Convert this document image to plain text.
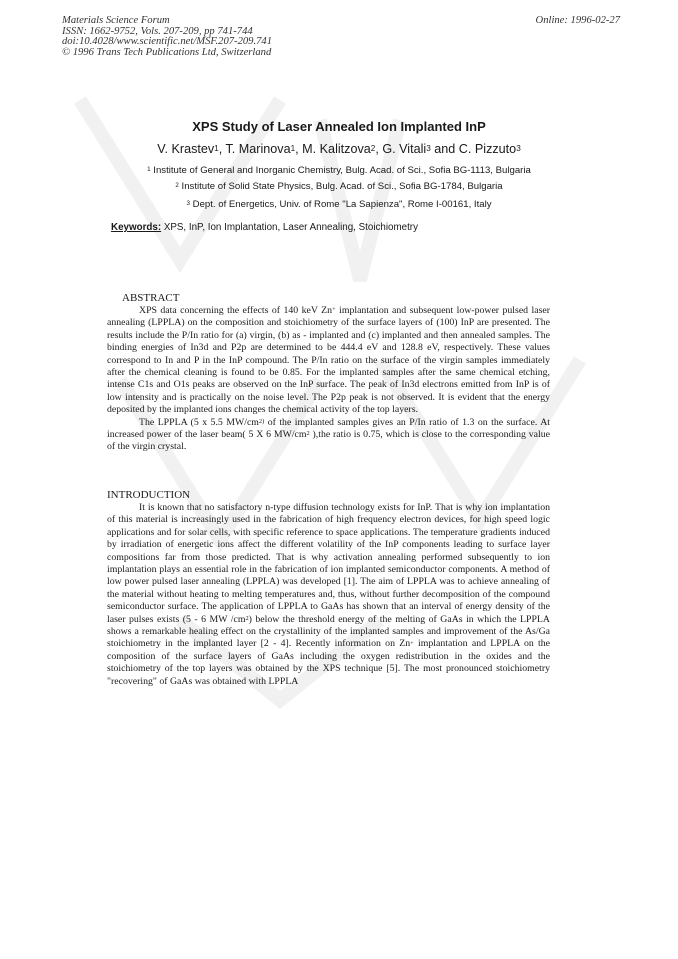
Materials Science Forum
ISSN: 1662-9752, Vols. 207-209, pp 741-744
doi:10.4028/www.scientific.net/MSF.207-209.741
© 1996 Trans Tech Publications Ltd, Switzerland
Online: 1996-02-27
XPS Study of Laser Annealed Ion Implanted InP
V. Krastev$^1$, T. Marinova$^1$, M. Kalitzova$^2$, G. Vitali$^3$ and C. Pizzuto$^3$
$^1$ Institute of General and Inorganic Chemistry, Bulg. Acad. of Sci., Sofia BG-1113, Bulgaria
$^2$ Institute of Solid State Physics, Bulg. Acad. of Sci., Sofia BG-1784, Bulgaria
$^3$ Dept. of Energetics, Univ. of Rome "La Sapienza", Rome I-00161, Italy
Keywords: XPS, InP, Ion Implantation, Laser Annealing, Stoichiometry
ABSTRACT

XPS data concerning the effects of 140 keV Zn+ implantation and subsequent low-power pulsed laser annealing (LPPLA) on the composition and stoichiometry of the surface layers of (100) InP are presented. The results include the P/In ratio for (a) virgin, (b) as - implanted and (c) implanted and then annealed samples. The binding energies of In3d and P2p are determined to be 444.4 eV and 128.8 eV, respectively. These values correspond to In and P in the InP compound. The P/In ratio on the surface of the virgin samples immediately after the chemical cleaning is found to be 0.85. For the implanted samples after the same chemical etching, intense C1s and O1s peaks are observed on the InP surface. The peak of In3d electrons emitted from InP is of low intensity and is practically on the noise level. The P2p peak is not observed. It is evident that the energy deposited by the implanted ions changes the chemical activity of the top layers.

The LPPLA (5 x 5.5 $MW/cm^{2)}$ of the implanted samples gives an P/In ratio of 1.3 on the surface. At increased power of the laser beam( 5 X 6 $MW/cm^2$ ),the ratio is 0.75, which is close to the corresponding value of the virgin crystal.

INTRODUCTION

It is known that no satisfactory n-type diffusion technology exists for InP. That is why ion implantation of this material is increasingly used in the fabrication of high frequency electron devices, for high speed logic applications and for solar cells, with specific reference to space applications. The temperature gradients induced by irradiation of energetic ions affect the different volatility of the InP components leading to surface layer compositions far from those predicted. That is why activation annealing performed subsequently to ion implantation plays an essential role in the fabrication of ion implanted semiconductor components. A method of low power pulsed laser annealing (LPPLA) was developed [1]. The aim of LPPLA was to achieve annealing of the material without heating to melting temperatures and, thus, without further decomposition of the compound semiconductor surface. The application of LPPLA to GaAs has shown that an interval of energy density of the laser pulses exists (5 - 6 MW $/cm^2$) below the threshold energy of the melting of GaAs in which the LPPLA shows a remarkable healing effect on the crystallinity of the implanted samples and improvement of the As/Ga stoichiometry in the implanted layer [2 - 4]. Recently information on Zn+ implantation and LPPLA on the composition of the surface layers of GaAs including the oxygen redistribution in the oxides and the stoichiometry of the top layers was obtained by the XPS technique [5]. The most pronounced stoichiometry "recovering" of GaAs was obtained with LPPLA
